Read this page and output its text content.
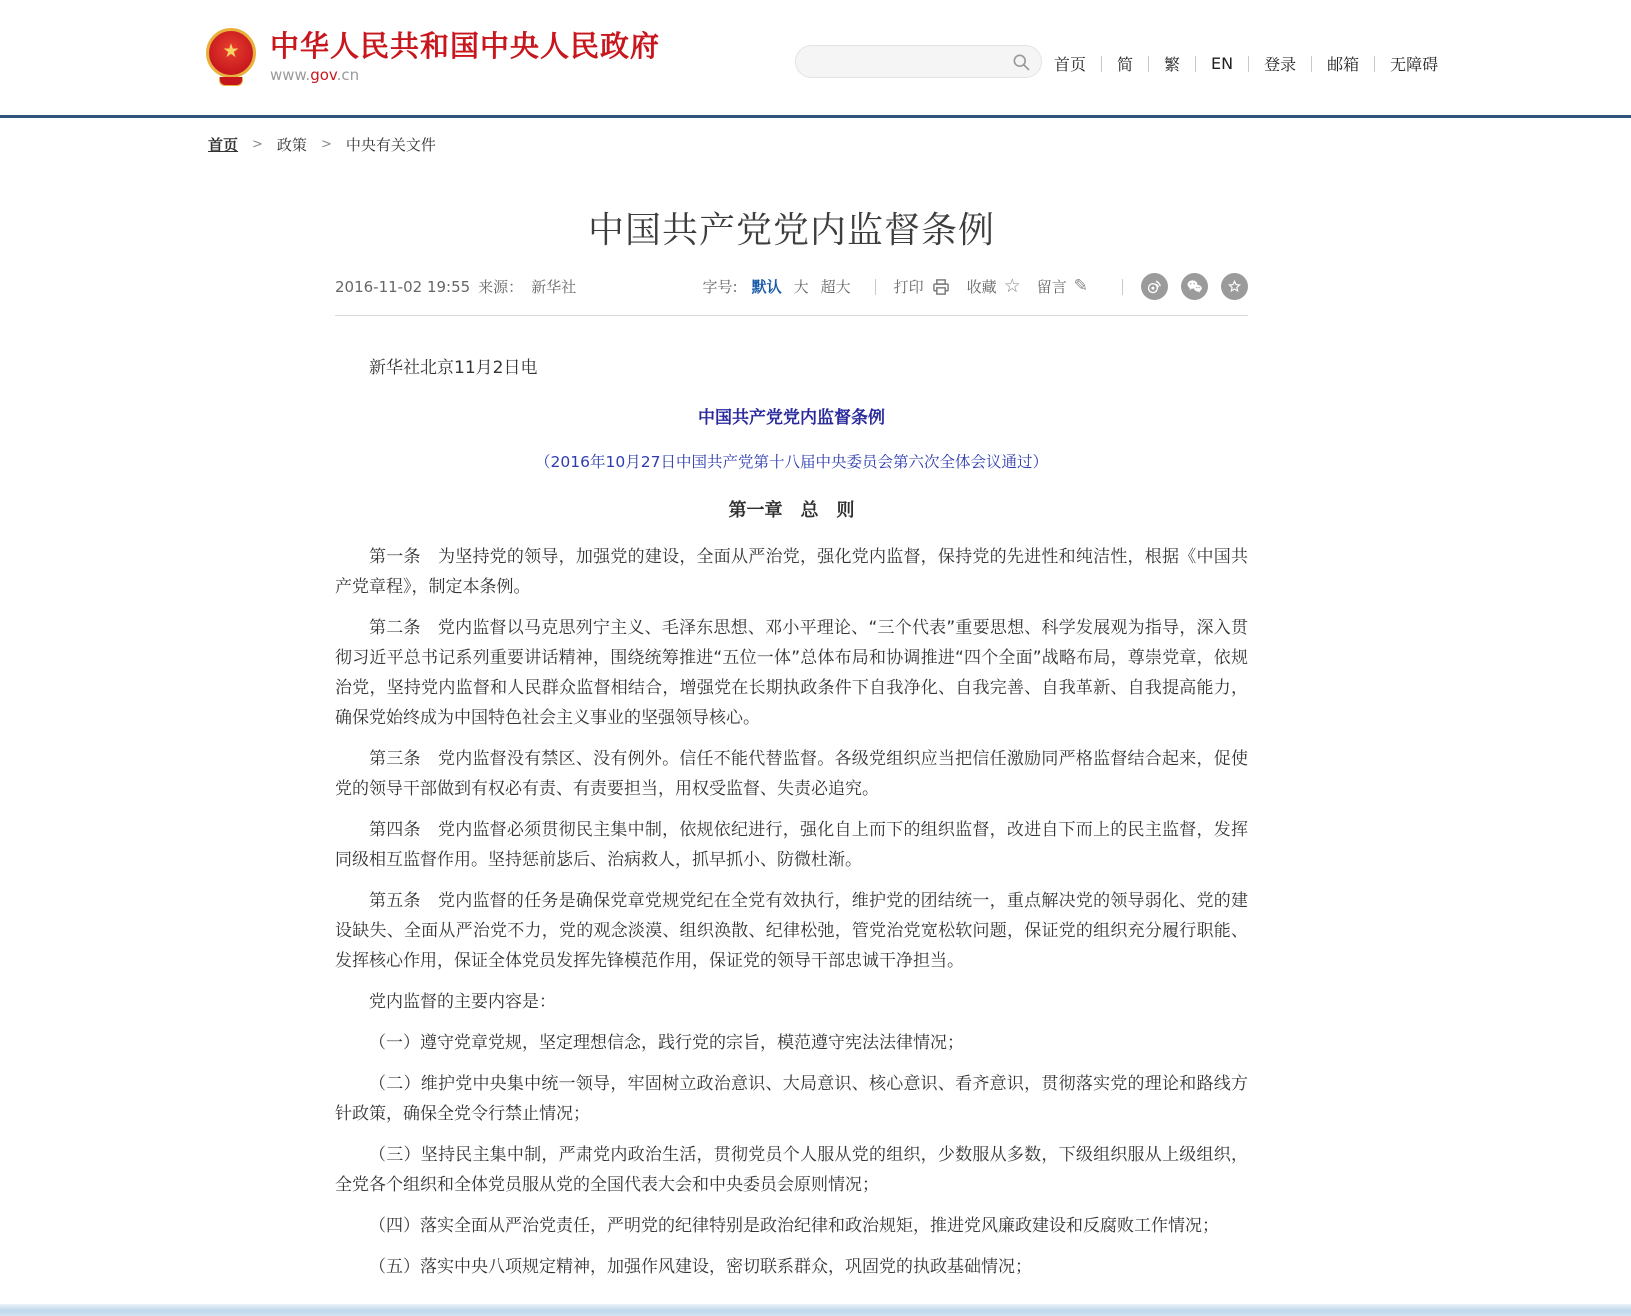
★ 中华人民共和国中央人民政府
www.gov.cn
首页 简 繁 EN 登录 邮箱 无障碍
首页 > 政策 > 中央有关文件
中国共产党党内监督条例
2016-11-02 19:55 来源： 新华社	字号: 默认 大 超大	打印	收藏 ☆ 留言 ✎

新华社北京11月2日电

中国共产党党内监督条例

（2016年10月27日中国共产党第十八届中央委员会第六次全体会议通过）

第一章　总　则

第一条　为坚持党的领导，加强党的建设，全面从严治党，强化党内监督，保持党的先进性和纯洁性，根据《中国共产党章程》，制定本条例。

第二条　党内监督以马克思列宁主义、毛泽东思想、邓小平理论、“三个代表”重要思想、科学发展观为指导，深入贯彻习近平总书记系列重要讲话精神，围绕统筹推进“五位一体”总体布局和协调推进“四个全面”战略布局，尊崇党章，依规治党，坚持党内监督和人民群众监督相结合，增强党在长期执政条件下自我净化、自我完善、自我革新、自我提高能力，确保党始终成为中国特色社会主义事业的坚强领导核心。

第三条　党内监督没有禁区、没有例外。信任不能代替监督。各级党组织应当把信任激励同严格监督结合起来，促使党的领导干部做到有权必有责、有责要担当，用权受监督、失责必追究。

第四条　党内监督必须贯彻民主集中制，依规依纪进行，强化自上而下的组织监督，改进自下而上的民主监督，发挥同级相互监督作用。坚持惩前毖后、治病救人，抓早抓小、防微杜渐。

第五条　党内监督的任务是确保党章党规党纪在全党有效执行，维护党的团结统一，重点解决党的领导弱化、党的建设缺失、全面从严治党不力，党的观念淡漠、组织涣散、纪律松弛，管党治党宽松软问题，保证党的组织充分履行职能、发挥核心作用，保证全体党员发挥先锋模范作用，保证党的领导干部忠诚干净担当。

党内监督的主要内容是：

（一）遵守党章党规，坚定理想信念，践行党的宗旨，模范遵守宪法法律情况；

（二）维护党中央集中统一领导，牢固树立政治意识、大局意识、核心意识、看齐意识，贯彻落实党的理论和路线方针政策，确保全党令行禁止情况；

（三）坚持民主集中制，严肃党内政治生活，贯彻党员个人服从党的组织，少数服从多数，下级组织服从上级组织，全党各个组织和全体党员服从党的全国代表大会和中央委员会原则情况；

（四）落实全面从严治党责任，严明党的纪律特别是政治纪律和政治规矩，推进党风廉政建设和反腐败工作情况；

（五）落实中央八项规定精神，加强作风建设，密切联系群众，巩固党的执政基础情况；
